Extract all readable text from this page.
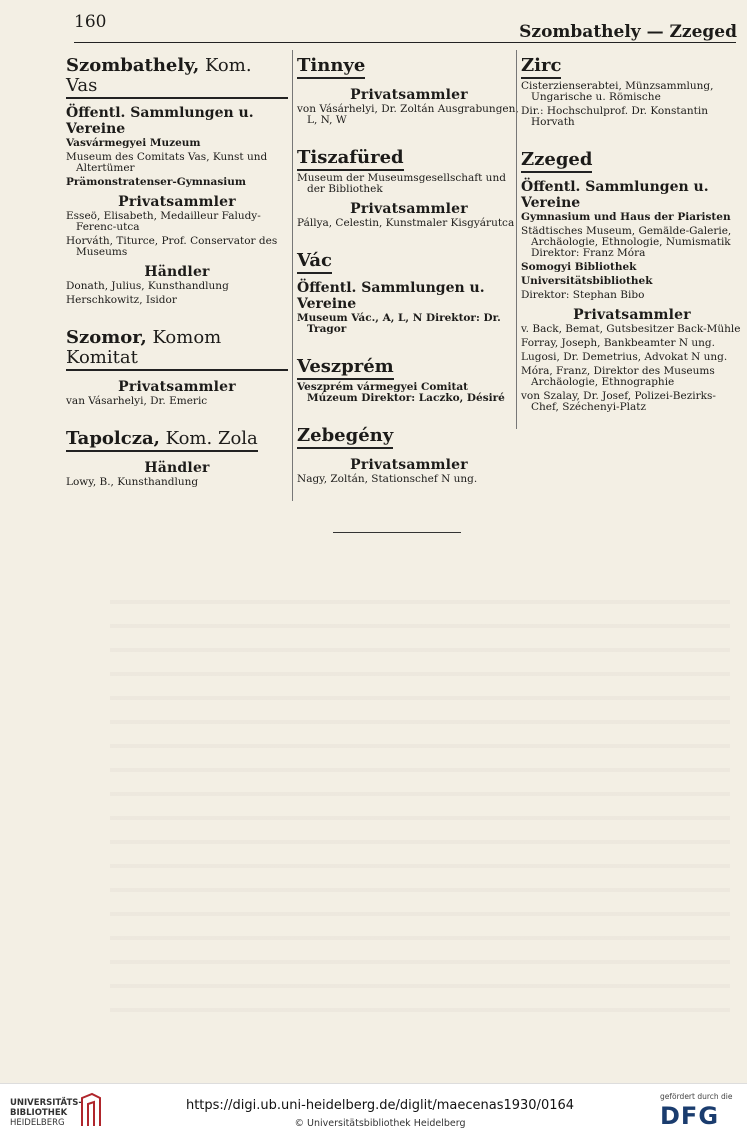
160	Szombathely — Zzeged
Szombathely, Kom. Vas
Öffentl. Sammlungen u. Vereine
Vasvármegyei Muzeum
Museum des Comitats Vas, Kunst und Altertümer
Prämonstratenser-Gymnasium
Privatsammler
Esseö, Elisabeth, Medailleur Faludy-Ferenc-utca
Horváth, Titurce, Prof. Conservator des Museums
Händler
Donath, Julius, Kunsthandlung
Herschkowitz, Isidor
Szomor, Komom Komitat
Privatsammler
van Vásarhelyi, Dr. Emeric
Tapolcza, Kom. Zola
Händler
Lowy, B., Kunsthandlung
Tinnye
Privatsammler
von Vásárhelyi, Dr. Zoltán Ausgrabungen, L, N, W
Tiszafüred
Museum der Museumsgesellschaft und der Bibliothek
Privatsammler
Pállya, Celestin, Kunstmaler Kisgyárutca
Vác
Öffentl. Sammlungen u. Vereine
Museum Vác., A, L, N Direktor: Dr. Tragor
Veszprém
Veszprém vármegyei Comitat Múzeum Direktor: Laczko, Désiré
Zebegény
Privatsammler
Nagy, Zoltán, Stationschef N ung.
Zirc
Cisterzienserabtei, Münzsammlung, Ungarische u. Römische
Dir.: Hochschulprof. Dr. Konstantin Horvath
Zzeged
Öffentl. Sammlungen u. Vereine
Gymnasium und Haus der Piaristen
Städtisches Museum, Gemälde-Galerie, Archäologie, Ethnologie, Numismatik Direktor: Franz Móra
Somogyi Bibliothek
Universitätsbibliothek
Direktor: Stephan Bibo
Privatsammler
v. Back, Bemat, Gutsbesitzer Back-Mühle
Forray, Joseph, Bankbeamter N ung.
Lugosi, Dr. Demetrius, Advokat N ung.
Móra, Franz, Direktor des Museums Archäologie, Ethnographie
von Szalay, Dr. Josef, Polizei-Bezirks-Chef, Széchenyi-Platz
UNIVERSITÄTS-
BIBLIOTHEK
HEIDELBERG
https://digi.ub.uni-heidelberg.de/diglit/maecenas1930/0164
© Universitätsbibliothek Heidelberg
gefördert durch die
DFG
